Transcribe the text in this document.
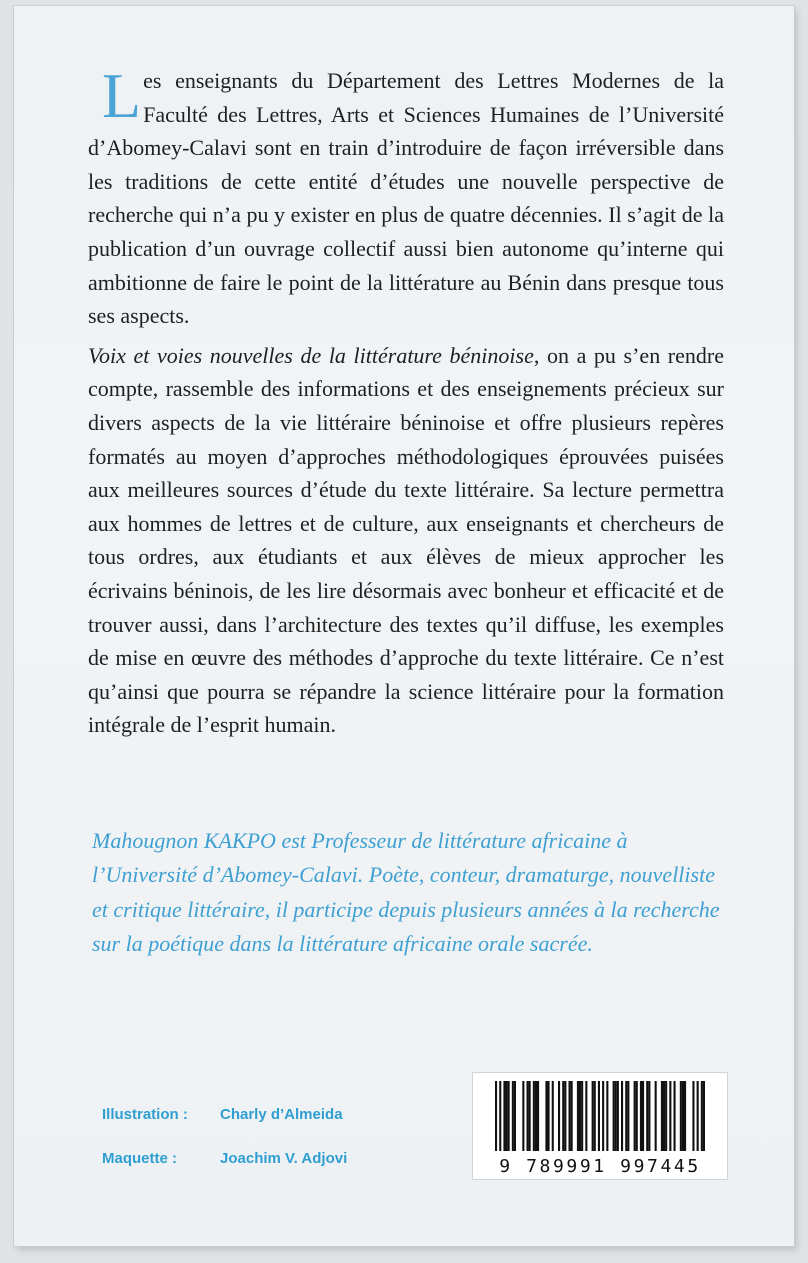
Les enseignants du Département des Lettres Modernes de la Faculté des Lettres, Arts et Sciences Humaines de l’Université d’Abomey-Calavi sont en train d’introduire de façon irréversible dans les traditions de cette entité d’études une nouvelle perspective de recherche qui n’a pu y exister en plus de quatre décennies. Il s’agit de la publication d’un ouvrage collectif aussi bien autonome qu’interne qui ambitionne de faire le point de la littérature au Bénin dans presque tous ses aspects.

Voix et voies nouvelles de la littérature béninoise, on a pu s’en rendre compte, rassemble des informations et des enseignements précieux sur divers aspects de la vie littéraire béninoise et offre plusieurs repères formatés au moyen d’approches méthodologiques éprouvées puisées aux meilleures sources d’étude du texte littéraire. Sa lecture permettra aux hommes de lettres et de culture, aux enseignants et chercheurs de tous ordres, aux étudiants et aux élèves de mieux approcher les écrivains béninois, de les lire désormais avec bonheur et efficacité et de trouver aussi, dans l’architecture des textes qu’il diffuse, les exemples de mise en œuvre des méthodes d’approche du texte littéraire. Ce n’est qu’ainsi que pourra se répandre la science littéraire pour la formation intégrale de l’esprit humain.

Mahougnon KAKPO est Professeur de littérature africaine à l’Université d’Abomey-Calavi. Poète, conteur, dramaturge, nouvelliste et critique littéraire, il participe depuis plusieurs années à la recherche sur la poétique dans la littérature africaine orale sacrée.

Illustration :	Charly d’Almeida
Maquette :	Joachim V. Adjovi	9 789991 997445
